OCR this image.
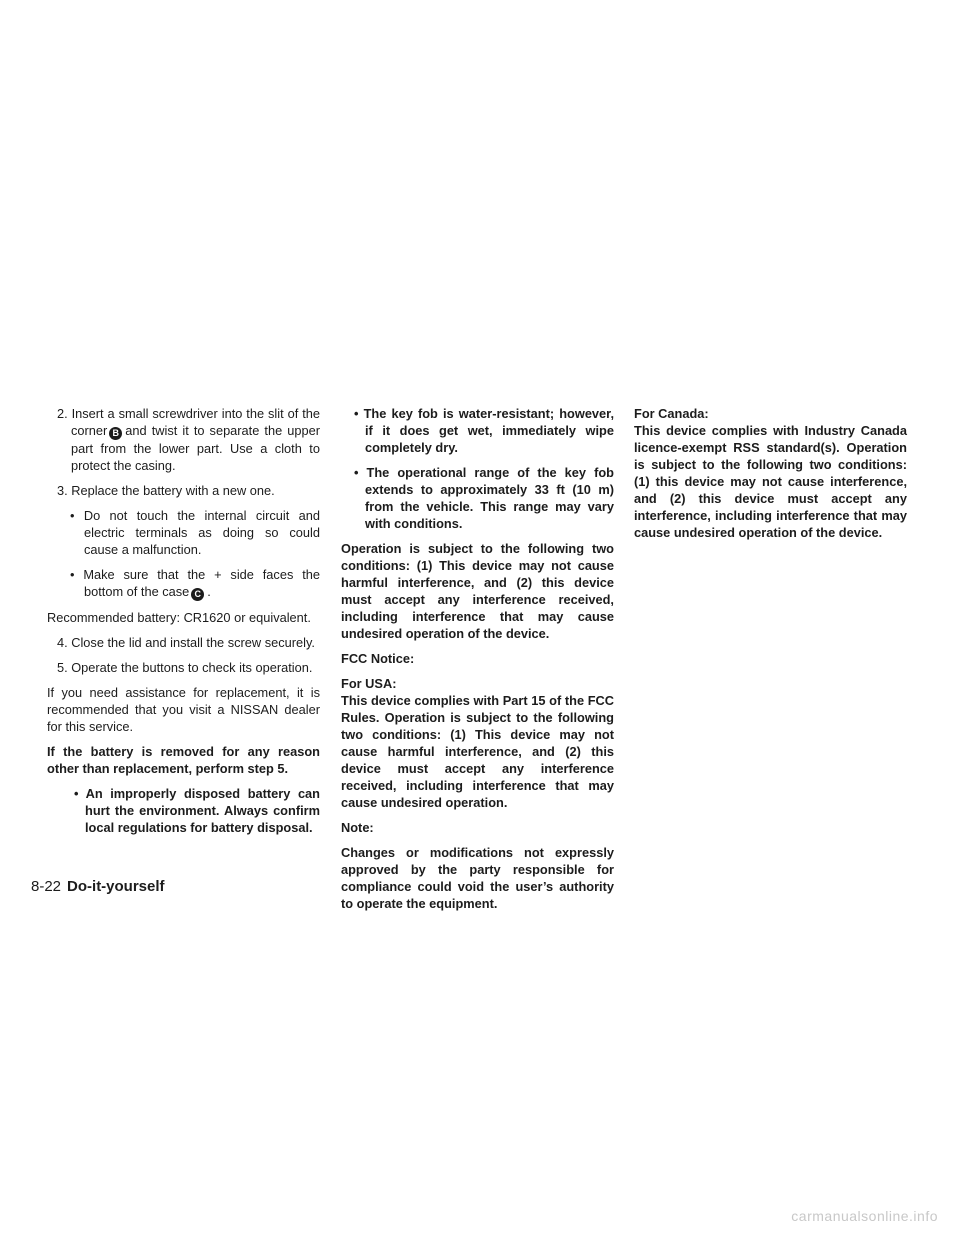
2. Insert a small screwdriver into the slit of the corner B and twist it to separate the upper part from the lower part. Use a cloth to protect the casing.

3. Replace the battery with a new one.

• Do not touch the internal circuit and electric terminals as doing so could cause a malfunction.

• Make sure that the + side faces the bottom of the case C .

Recommended battery: CR1620 or equivalent.

4. Close the lid and install the screw securely.

5. Operate the buttons to check its operation.

If you need assistance for replacement, it is recommended that you visit a NISSAN dealer for this service.

If the battery is removed for any reason other than replacement, perform step 5.

• An improperly disposed battery can hurt the environment. Always confirm local regulations for battery disposal.

• The key fob is water-resistant; however, if it does get wet, immediately wipe completely dry.

• The operational range of the key fob extends to approximately 33 ft (10 m) from the vehicle. This range may vary with conditions.

Operation is subject to the following two conditions: (1) This device may not cause harmful interference, and (2) this device must accept any interference received, including interference that may cause undesired operation of the device.

FCC Notice:

For USA:
This device complies with Part 15 of the FCC Rules. Operation is subject to the following two conditions: (1) This device may not cause harmful interference, and (2) this device must accept any interference received, including interference that may cause undesired operation.

Note:

Changes or modifications not expressly approved by the party responsible for compliance could void the user’s authority to operate the equipment.

For Canada:
This device complies with Industry Canada licence-exempt RSS standard(s). Operation is subject to the following two conditions: (1) this device may not cause interference, and (2) this device must accept any interference, including interference that may cause undesired operation of the device.

8-22 Do-it-yourself
carmanualsonline.info
